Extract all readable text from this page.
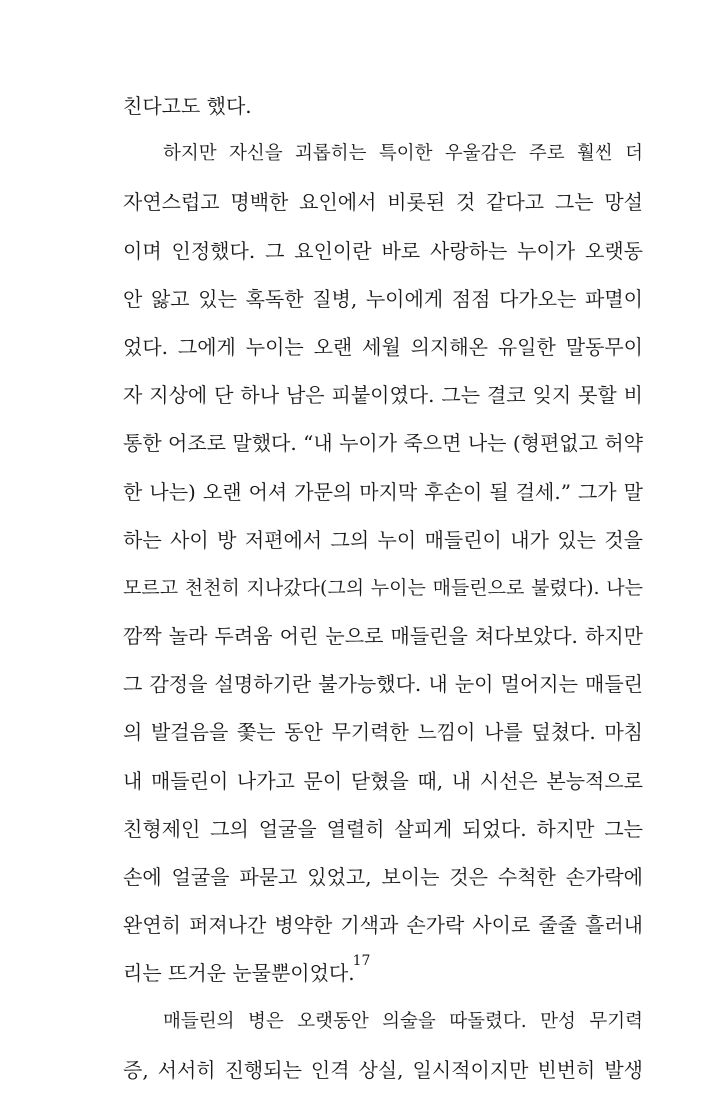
친다고도 했다.
하지만 자신을 괴롭히는 특이한 우울감은 주로 훨씬 더
자연스럽고 명백한 요인에서 비롯된 것 같다고 그는 망설
이며 인정했다. 그 요인이란 바로 사랑하는 누이가 오랫동
안 앓고 있는 혹독한 질병, 누이에게 점점 다가오는 파멸이
었다. 그에게 누이는 오랜 세월 의지해온 유일한 말동무이
자 지상에 단 하나 남은 피붙이였다. 그는 결코 잊지 못할 비
통한 어조로 말했다. “내 누이가 죽으면 나는 (형편없고 허약
한 나는) 오랜 어셔 가문의 마지막 후손이 될 걸세.” 그가 말
하는 사이 방 저편에서 그의 누이 매들린이 내가 있는 것을
모르고 천천히 지나갔다(그의 누이는 매들린으로 불렸다). 나는
깜짝 놀라 두려움 어린 눈으로 매들린을 쳐다보았다. 하지만
그 감정을 설명하기란 불가능했다. 내 눈이 멀어지는 매들린
의 발걸음을 쫓는 동안 무기력한 느낌이 나를 덮쳤다. 마침
내 매들린이 나가고 문이 닫혔을 때, 내 시선은 본능적으로
친형제인 그의 얼굴을 열렬히 살피게 되었다. 하지만 그는
손에 얼굴을 파묻고 있었고, 보이는 것은 수척한 손가락에
완연히 퍼져나간 병약한 기색과 손가락 사이로 줄줄 흘러내
리는 뜨거운 눈물뿐이었다.
매들린의 병은 오랫동안 의술을 따돌렸다. 만성 무기력
증, 서서히 진행되는 인격 상실, 일시적이지만 빈번히 발생
17
